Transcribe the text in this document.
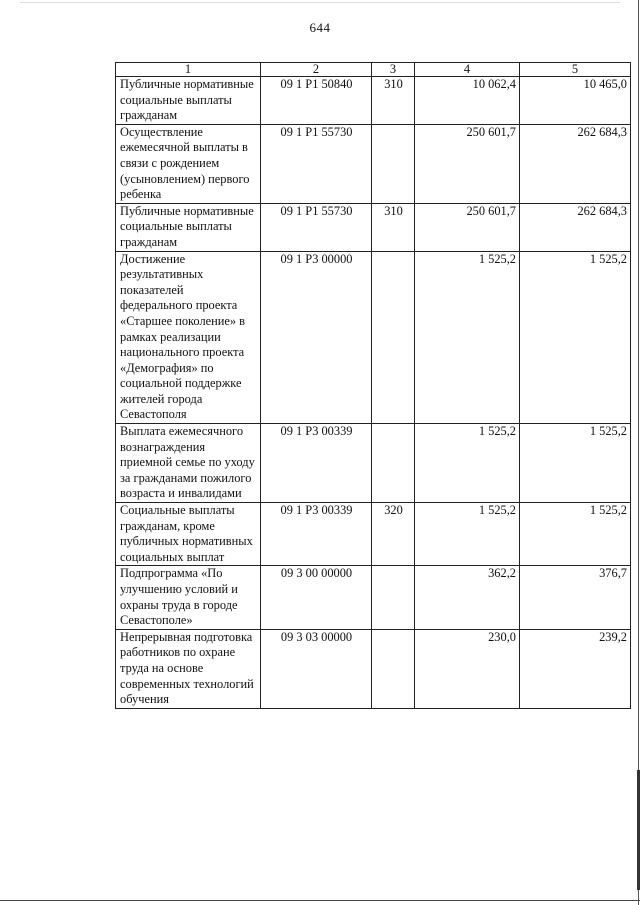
644
1	2	3	4	5
Публичные нормативные социальные выплаты гражданам	09 1 P1 50840	310	10 062,4	10 465,0
Осуществление ежемесячной выплаты в связи с рождением (усыновлением) первого ребенка	09 1 P1 55730		250 601,7	262 684,3
Публичные нормативные социальные выплаты гражданам	09 1 P1 55730	310	250 601,7	262 684,3
Достижение результативных показателей федерального проекта «Старшее поколение» в рамках реализации национального проекта «Демография» по социальной поддержке жителей города Севастополя	09 1 P3 00000		1 525,2	1 525,2
Выплата ежемесячного вознаграждения приемной семье по уходу за гражданами пожилого возраста и инвалидами	09 1 P3 00339		1 525,2	1 525,2
Социальные выплаты гражданам, кроме публичных нормативных социальных выплат	09 1 P3 00339	320	1 525,2	1 525,2
Подпрограмма «По улучшению условий и охраны труда в городе Севастополе»	09 3 00 00000		362,2	376,7
Непрерывная подготовка работников по охране труда на основе современных технологий обучения	09 3 03 00000		230,0	239,2
